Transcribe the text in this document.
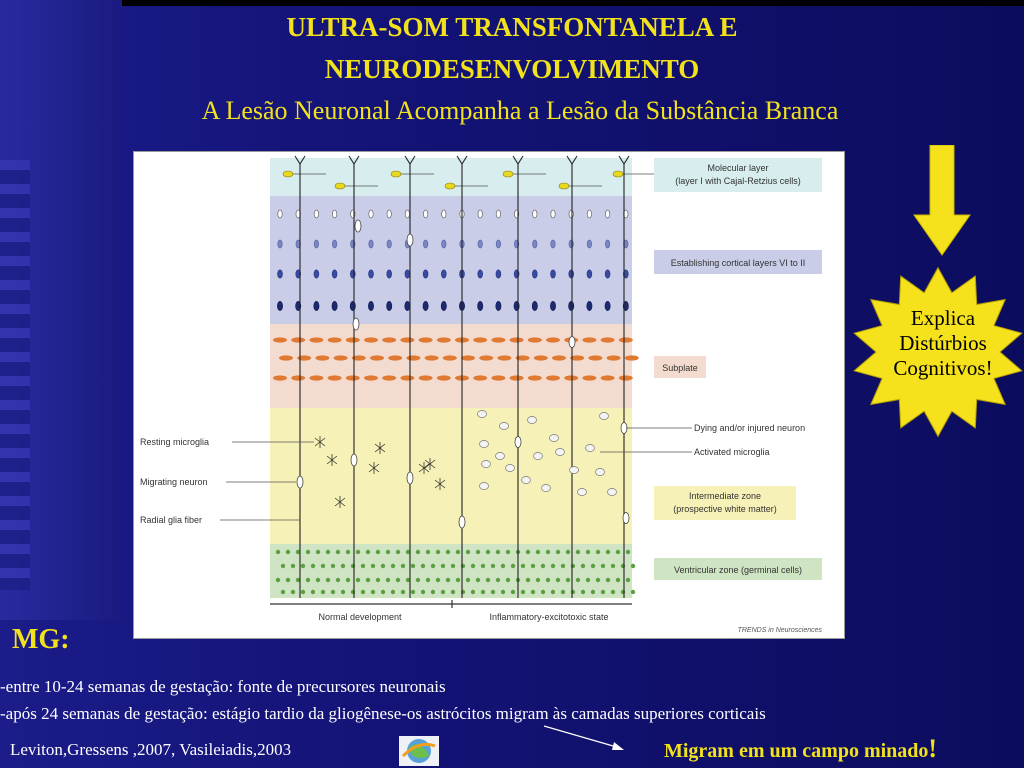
ULTRA-SOM TRANSFONTANELA E
NEURODESENVOLVIMENTO
A Lesão Neuronal Acompanha a Lesão da Substância Branca
Molecular layer
(layer I with Cajal-Retzius cells)
Establishing cortical layers VI to II
Subplate
Intermediate zone
(prospective white matter)
Ventricular zone (germinal cells)
Dying and/or injured neuron
Activated microglia
Resting microglia
Migrating neuron
Radial glia fiber
Normal development	Inflammatory-excitotoxic state
TRENDS in Neurosciences
Explica
Distúrbios
Cognitivos!
MG:
-entre 10-24 semanas de gestação: fonte de precursores neuronais
-após 24 semanas de gestação: estágio tardio da gliogênese-os astrócitos migram às camadas superiores corticais
Leviton,Gressens ,2007, Vasileiadis,2003	Migram em um campo minado!
